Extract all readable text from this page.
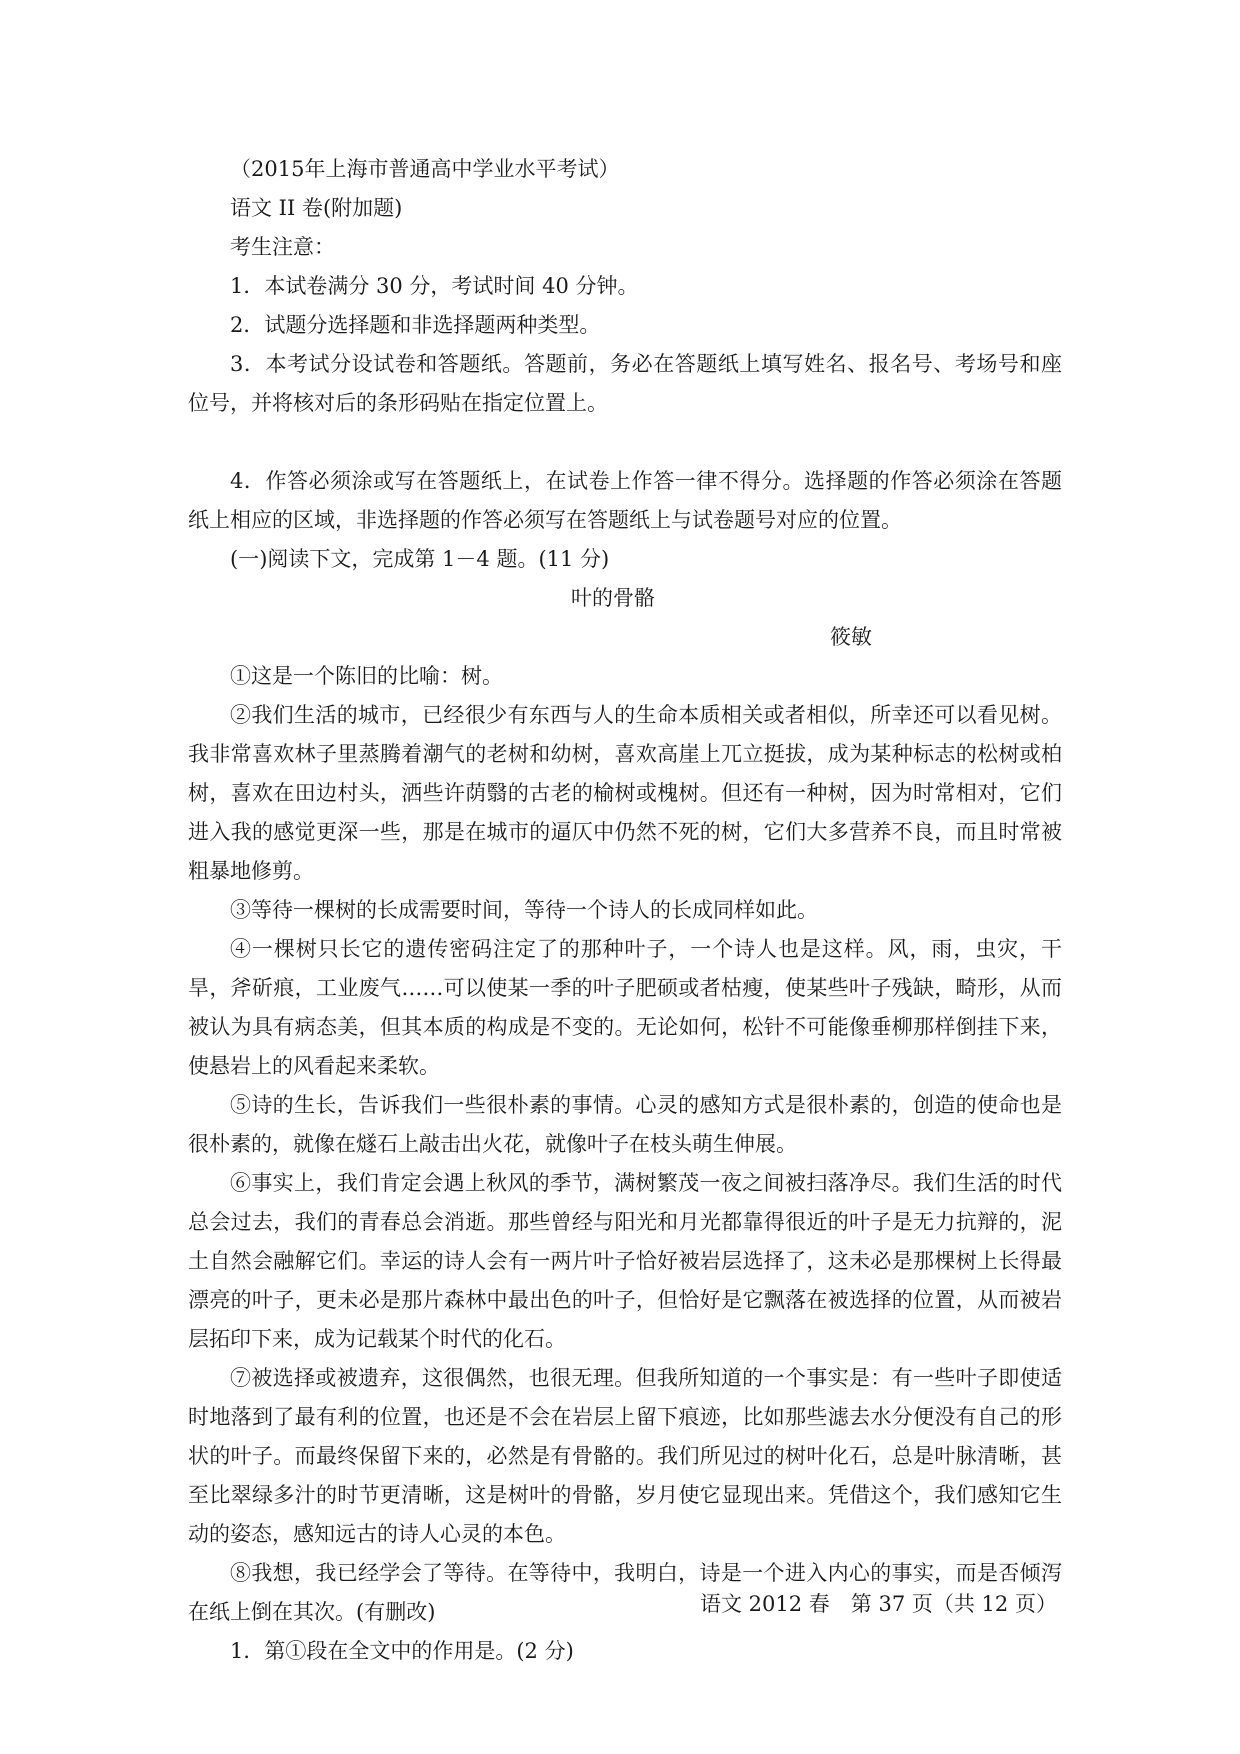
（2015年上海市普通高中学业水平考试）

语文 II 卷(附加题)

考生注意：

1．本试卷满分 30 分，考试时间 40 分钟。

2．试题分选择题和非选择题两种类型。

3．本考试分设试卷和答题纸。答题前，务必在答题纸上填写姓名、报名号、考场号和座位号，并将核对后的条形码贴在指定位置上。

4．作答必须涂或写在答题纸上，在试卷上作答一律不得分。选择题的作答必须涂在答题纸上相应的区域，非选择题的作答必须写在答题纸上与试卷题号对应的位置。

(一)阅读下文，完成第 1－4 题。(11 分)

叶的骨骼

筱敏

①这是一个陈旧的比喻：树。

②我们生活的城市，已经很少有东西与人的生命本质相关或者相似，所幸还可以看见树。我非常喜欢林子里蒸腾着潮气的老树和幼树，喜欢高崖上兀立挺拔，成为某种标志的松树或柏树，喜欢在田边村头，洒些许荫翳的古老的榆树或槐树。但还有一种树，因为时常相对，它们进入我的感觉更深一些，那是在城市的逼仄中仍然不死的树，它们大多营养不良，而且时常被粗暴地修剪。

③等待一棵树的长成需要时间，等待一个诗人的长成同样如此。

④一棵树只长它的遗传密码注定了的那种叶子，一个诗人也是这样。风，雨，虫灾，干旱，斧斫痕，工业废气……可以使某一季的叶子肥硕或者枯瘦，使某些叶子残缺，畸形，从而被认为具有病态美，但其本质的构成是不变的。无论如何，松针不可能像垂柳那样倒挂下来，使悬岩上的风看起来柔软。

⑤诗的生长，告诉我们一些很朴素的事情。心灵的感知方式是很朴素的，创造的使命也是很朴素的，就像在燧石上敲击出火花，就像叶子在枝头萌生伸展。

⑥事实上，我们肯定会遇上秋风的季节，满树繁茂一夜之间被扫落净尽。我们生活的时代总会过去，我们的青春总会消逝。那些曾经与阳光和月光都靠得很近的叶子是无力抗辩的，泥土自然会融解它们。幸运的诗人会有一两片叶子恰好被岩层选择了，这未必是那棵树上长得最漂亮的叶子，更未必是那片森林中最出色的叶子，但恰好是它飘落在被选择的位置，从而被岩层拓印下来，成为记载某个时代的化石。

⑦被选择或被遗弃，这很偶然，也很无理。但我所知道的一个事实是：有一些叶子即使适时地落到了最有利的位置，也还是不会在岩层上留下痕迹，比如那些滤去水分便没有自己的形状的叶子。而最终保留下来的，必然是有骨骼的。我们所见过的树叶化石，总是叶脉清晰，甚至比翠绿多汁的时节更清晰，这是树叶的骨骼，岁月使它显现出来。凭借这个，我们感知它生动的姿态，感知远古的诗人心灵的本色。

⑧我想，我已经学会了等待。在等待中，我明白，诗是一个进入内心的事实，而是否倾泻在纸上倒在其次。(有删改)

1．第①段在全文中的作用是。(2 分)

语文 2012 春　第 37 页（共 12 页）
